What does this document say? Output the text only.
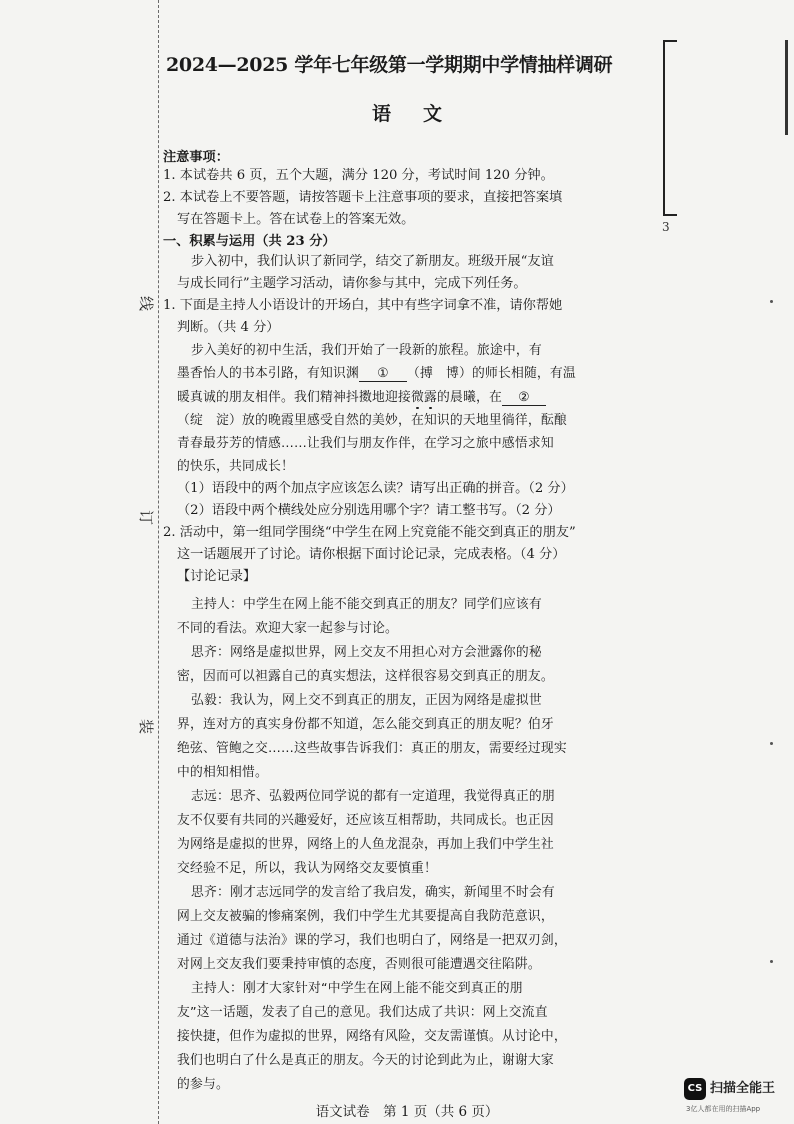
线
订
装
3
2024—2025 学年七年级第一学期期中学情抽样调研
语文
注意事项：
1. 本试卷共 6 页，五个大题，满分 120 分，考试时间 120 分钟。
2. 本试卷上不要答题，请按答题卡上注意事项的要求，直接把答案填
写在答题卡上。答在试卷上的答案无效。
一、积累与运用（共 23 分）
步入初中，我们认识了新同学，结交了新朋友。班级开展“友谊
与成长同行”主题学习活动，请你参与其中，完成下列任务。
1. 下面是主持人小语设计的开场白，其中有些字词拿不准，请你帮她
判断。（共 4 分）
步入美好的初中生活，我们开始了一段新的旅程。旅途中，有
墨香怡人的书本引路，有知识渊 ① （搏　博）的师长相随，有温
暖真诚的朋友相伴。我们精神抖擞地迎接微露的晨曦，在 ②
（绽　淀）放的晚霞里感受自然的美妙，在知识的天地里徜徉，酝酿
青春最芬芳的情感……让我们与朋友作伴，在学习之旅中感悟求知
的快乐，共同成长！
（1）语段中的两个加点字应该怎么读？请写出正确的拼音。（2 分）
（2）语段中两个横线处应分别选用哪个字？请工整书写。（2 分）
2. 活动中，第一组同学围绕“中学生在网上究竟能不能交到真正的朋友”
这一话题展开了讨论。请你根据下面讨论记录，完成表格。（4 分）
【讨论记录】
主持人：中学生在网上能不能交到真正的朋友？同学们应该有
不同的看法。欢迎大家一起参与讨论。
思齐：网络是虚拟世界，网上交友不用担心对方会泄露你的秘
密，因而可以袒露自己的真实想法，这样很容易交到真正的朋友。
弘毅：我认为，网上交不到真正的朋友，正因为网络是虚拟世
界，连对方的真实身份都不知道，怎么能交到真正的朋友呢？伯牙
绝弦、管鲍之交……这些故事告诉我们：真正的朋友，需要经过现实
中的相知相惜。
志远：思齐、弘毅两位同学说的都有一定道理，我觉得真正的朋
友不仅要有共同的兴趣爱好，还应该互相帮助，共同成长。也正因
为网络是虚拟的世界，网络上的人鱼龙混杂，再加上我们中学生社
交经验不足，所以，我认为网络交友要慎重！
思齐：刚才志远同学的发言给了我启发，确实，新闻里不时会有
网上交友被骗的惨痛案例，我们中学生尤其要提高自我防范意识，
通过《道德与法治》课的学习，我们也明白了，网络是一把双刃剑，
对网上交友我们要秉持审慎的态度，否则很可能遭遇交往陷阱。
主持人：刚才大家针对“中学生在网上能不能交到真正的朋
友”这一话题，发表了自己的意见。我们达成了共识：网上交流直
接快捷，但作为虚拟的世界，网络有风险，交友需谨慎。从讨论中，
我们也明白了什么是真正的朋友。今天的讨论到此为止，谢谢大家
的参与。
语文试卷　第 1 页（共 6 页）
CS 扫描全能王
3亿人都在用的扫描App
